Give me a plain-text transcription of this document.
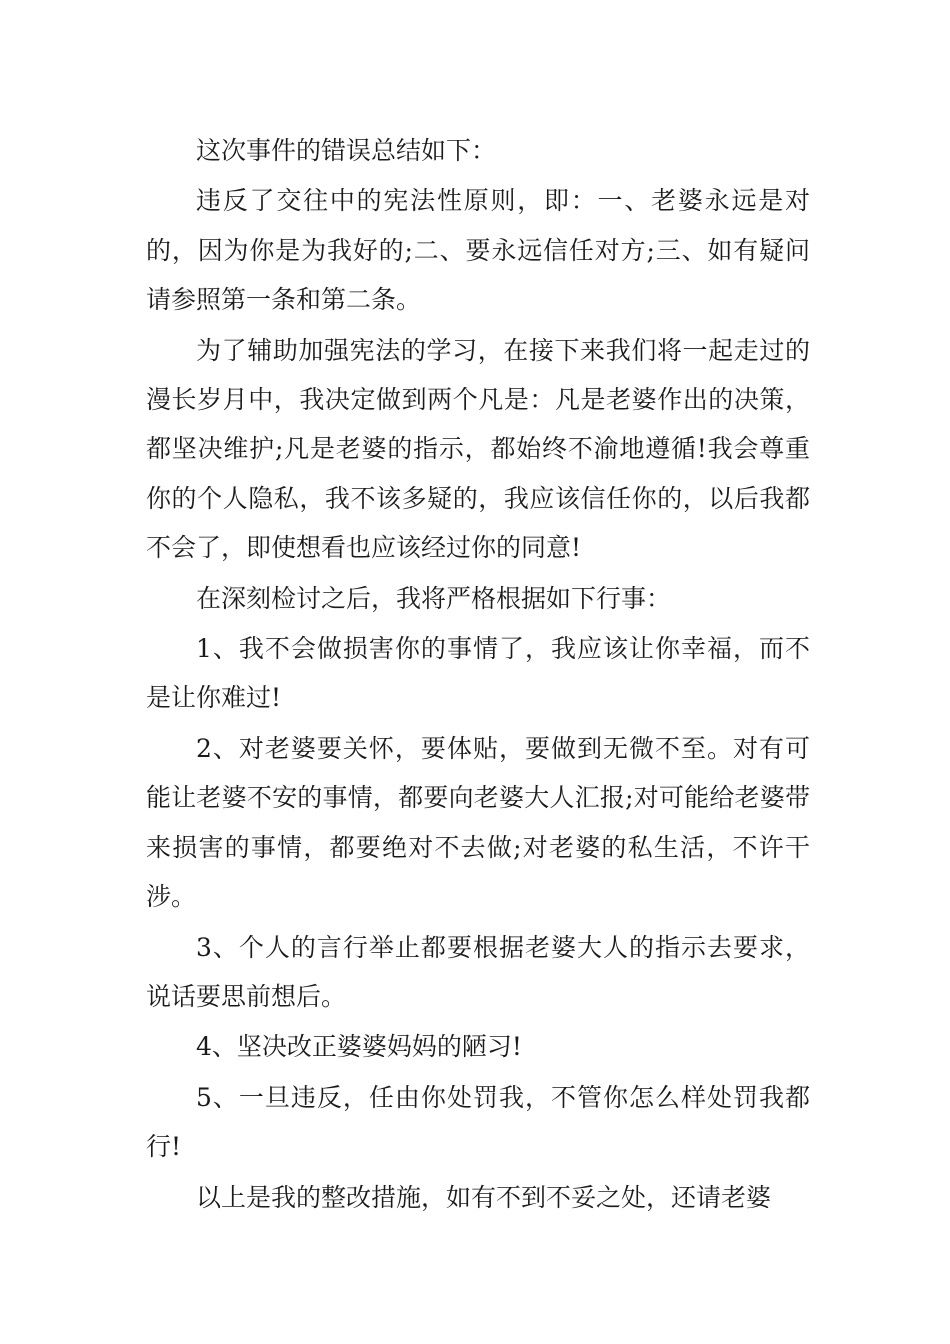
这次事件的错误总结如下：

违反了交往中的宪法性原则，即：一、老婆永远是对的，因为你是为我好的;二、要永远信任对方;三、如有疑问请参照第一条和第二条。

为了辅助加强宪法的学习，在接下来我们将一起走过的漫长岁月中，我决定做到两个凡是：凡是老婆作出的决策，都坚决维护;凡是老婆的指示，都始终不渝地遵循!我会尊重你的个人隐私，我不该多疑的，我应该信任你的，以后我都不会了，即使想看也应该经过你的同意!

在深刻检讨之后，我将严格根据如下行事：

1、我不会做损害你的事情了，我应该让你幸福，而不是让你难过!

2、对老婆要关怀，要体贴，要做到无微不至。对有可能让老婆不安的事情，都要向老婆大人汇报;对可能给老婆带来损害的事情，都要绝对不去做;对老婆的私生活，不许干涉。

3、个人的言行举止都要根据老婆大人的指示去要求，说话要思前想后。

4、坚决改正婆婆妈妈的陋习!

5、一旦违反，任由你处罚我，不管你怎么样处罚我都行!

以上是我的整改措施，如有不到不妥之处，还请老婆
